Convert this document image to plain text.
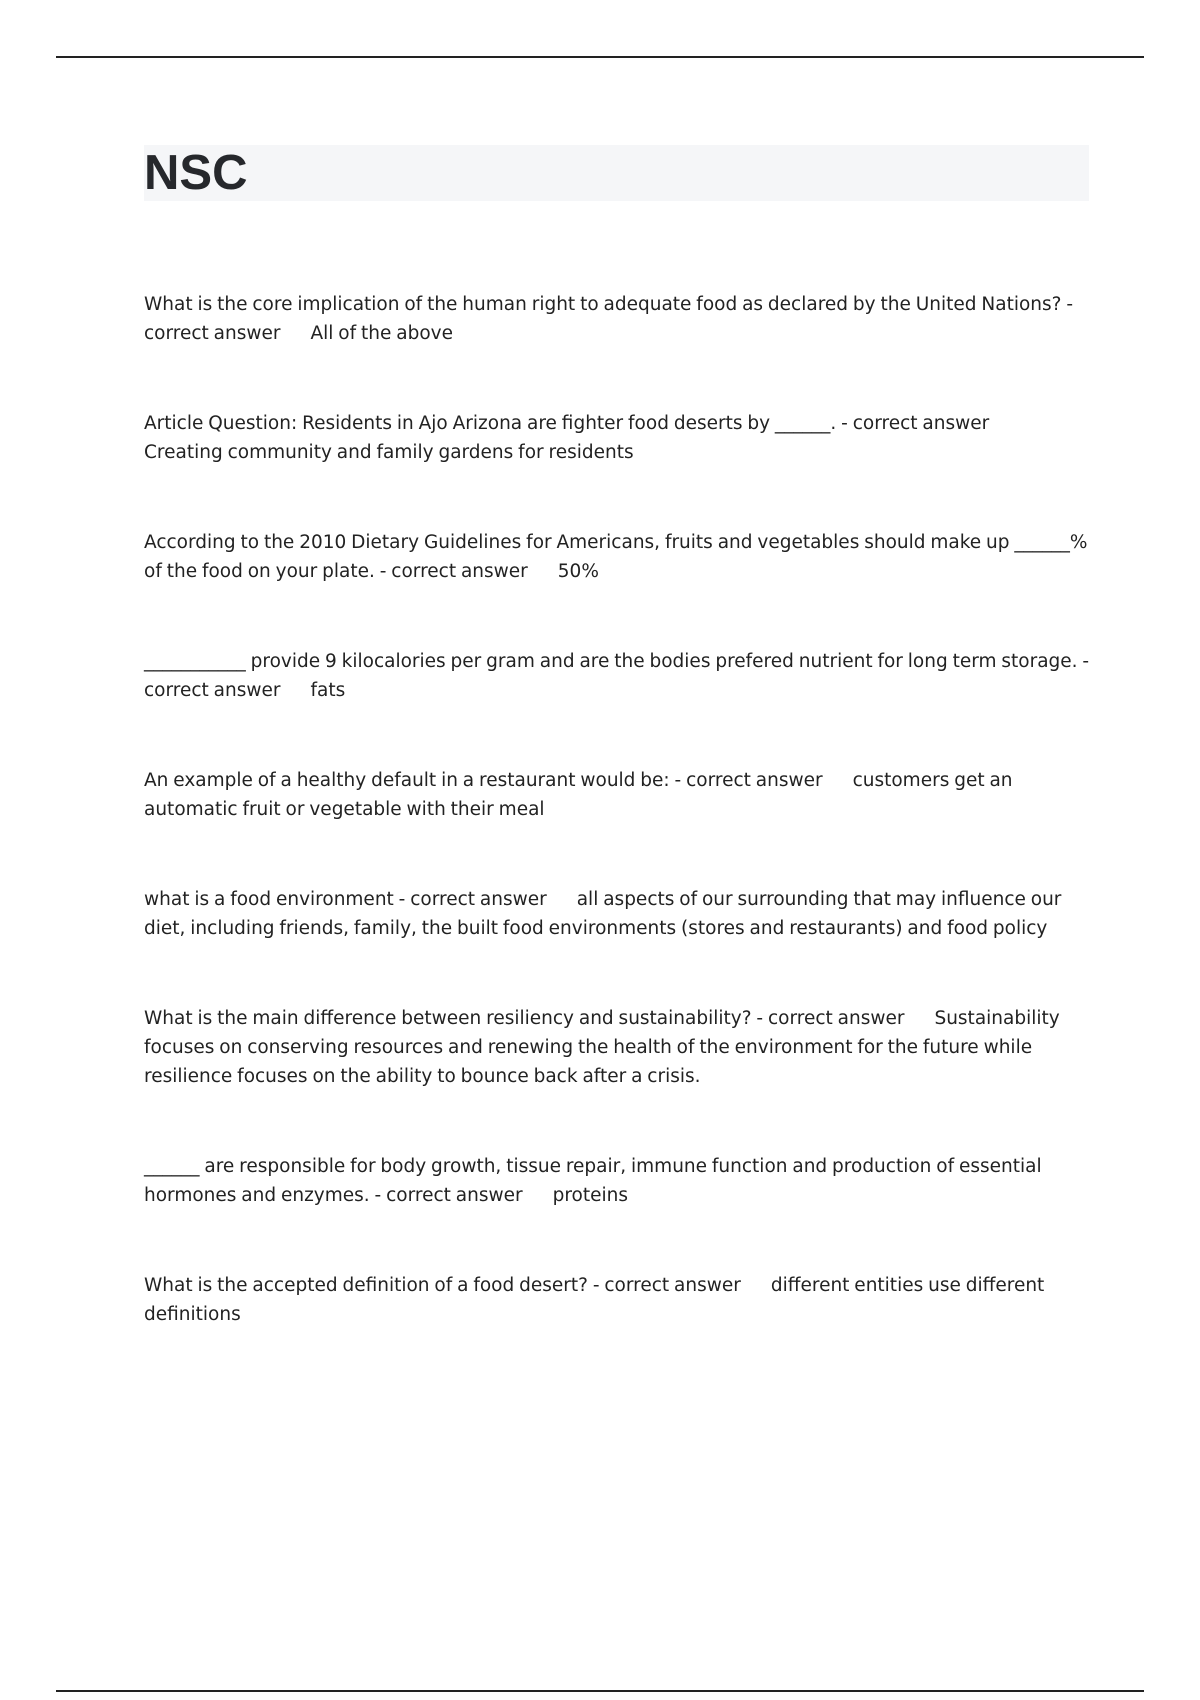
NSC
What is the core implication of the human right to adequate food as declared by the United Nations? - correct answer All of the above
Article Question: Residents in Ajo Arizona are fighter food deserts by ______. - correct answerCreating community and family gardens for residents
According to the 2010 Dietary Guidelines for Americans, fruits and vegetables should make up ______% of the food on your plate. - correct answer 50%
___________ provide 9 kilocalories per gram and are the bodies prefered nutrient for long term storage. - correct answer fats
An example of a healthy default in a restaurant would be: - correct answer customers get an automatic fruit or vegetable with their meal
what is a food environment - correct answer all aspects of our surrounding that may influence our diet, including friends, family, the built food environments (stores and restaurants) and food policy
What is the main difference between resiliency and sustainability? - correct answer Sustainability focuses on conserving resources and renewing the health of the environment for the future while resilience focuses on the ability to bounce back after a crisis.
______ are responsible for body growth, tissue repair, immune function and production of essential hormones and enzymes. - correct answer proteins
What is the accepted definition of a food desert? - correct answer different entities use different definitions
